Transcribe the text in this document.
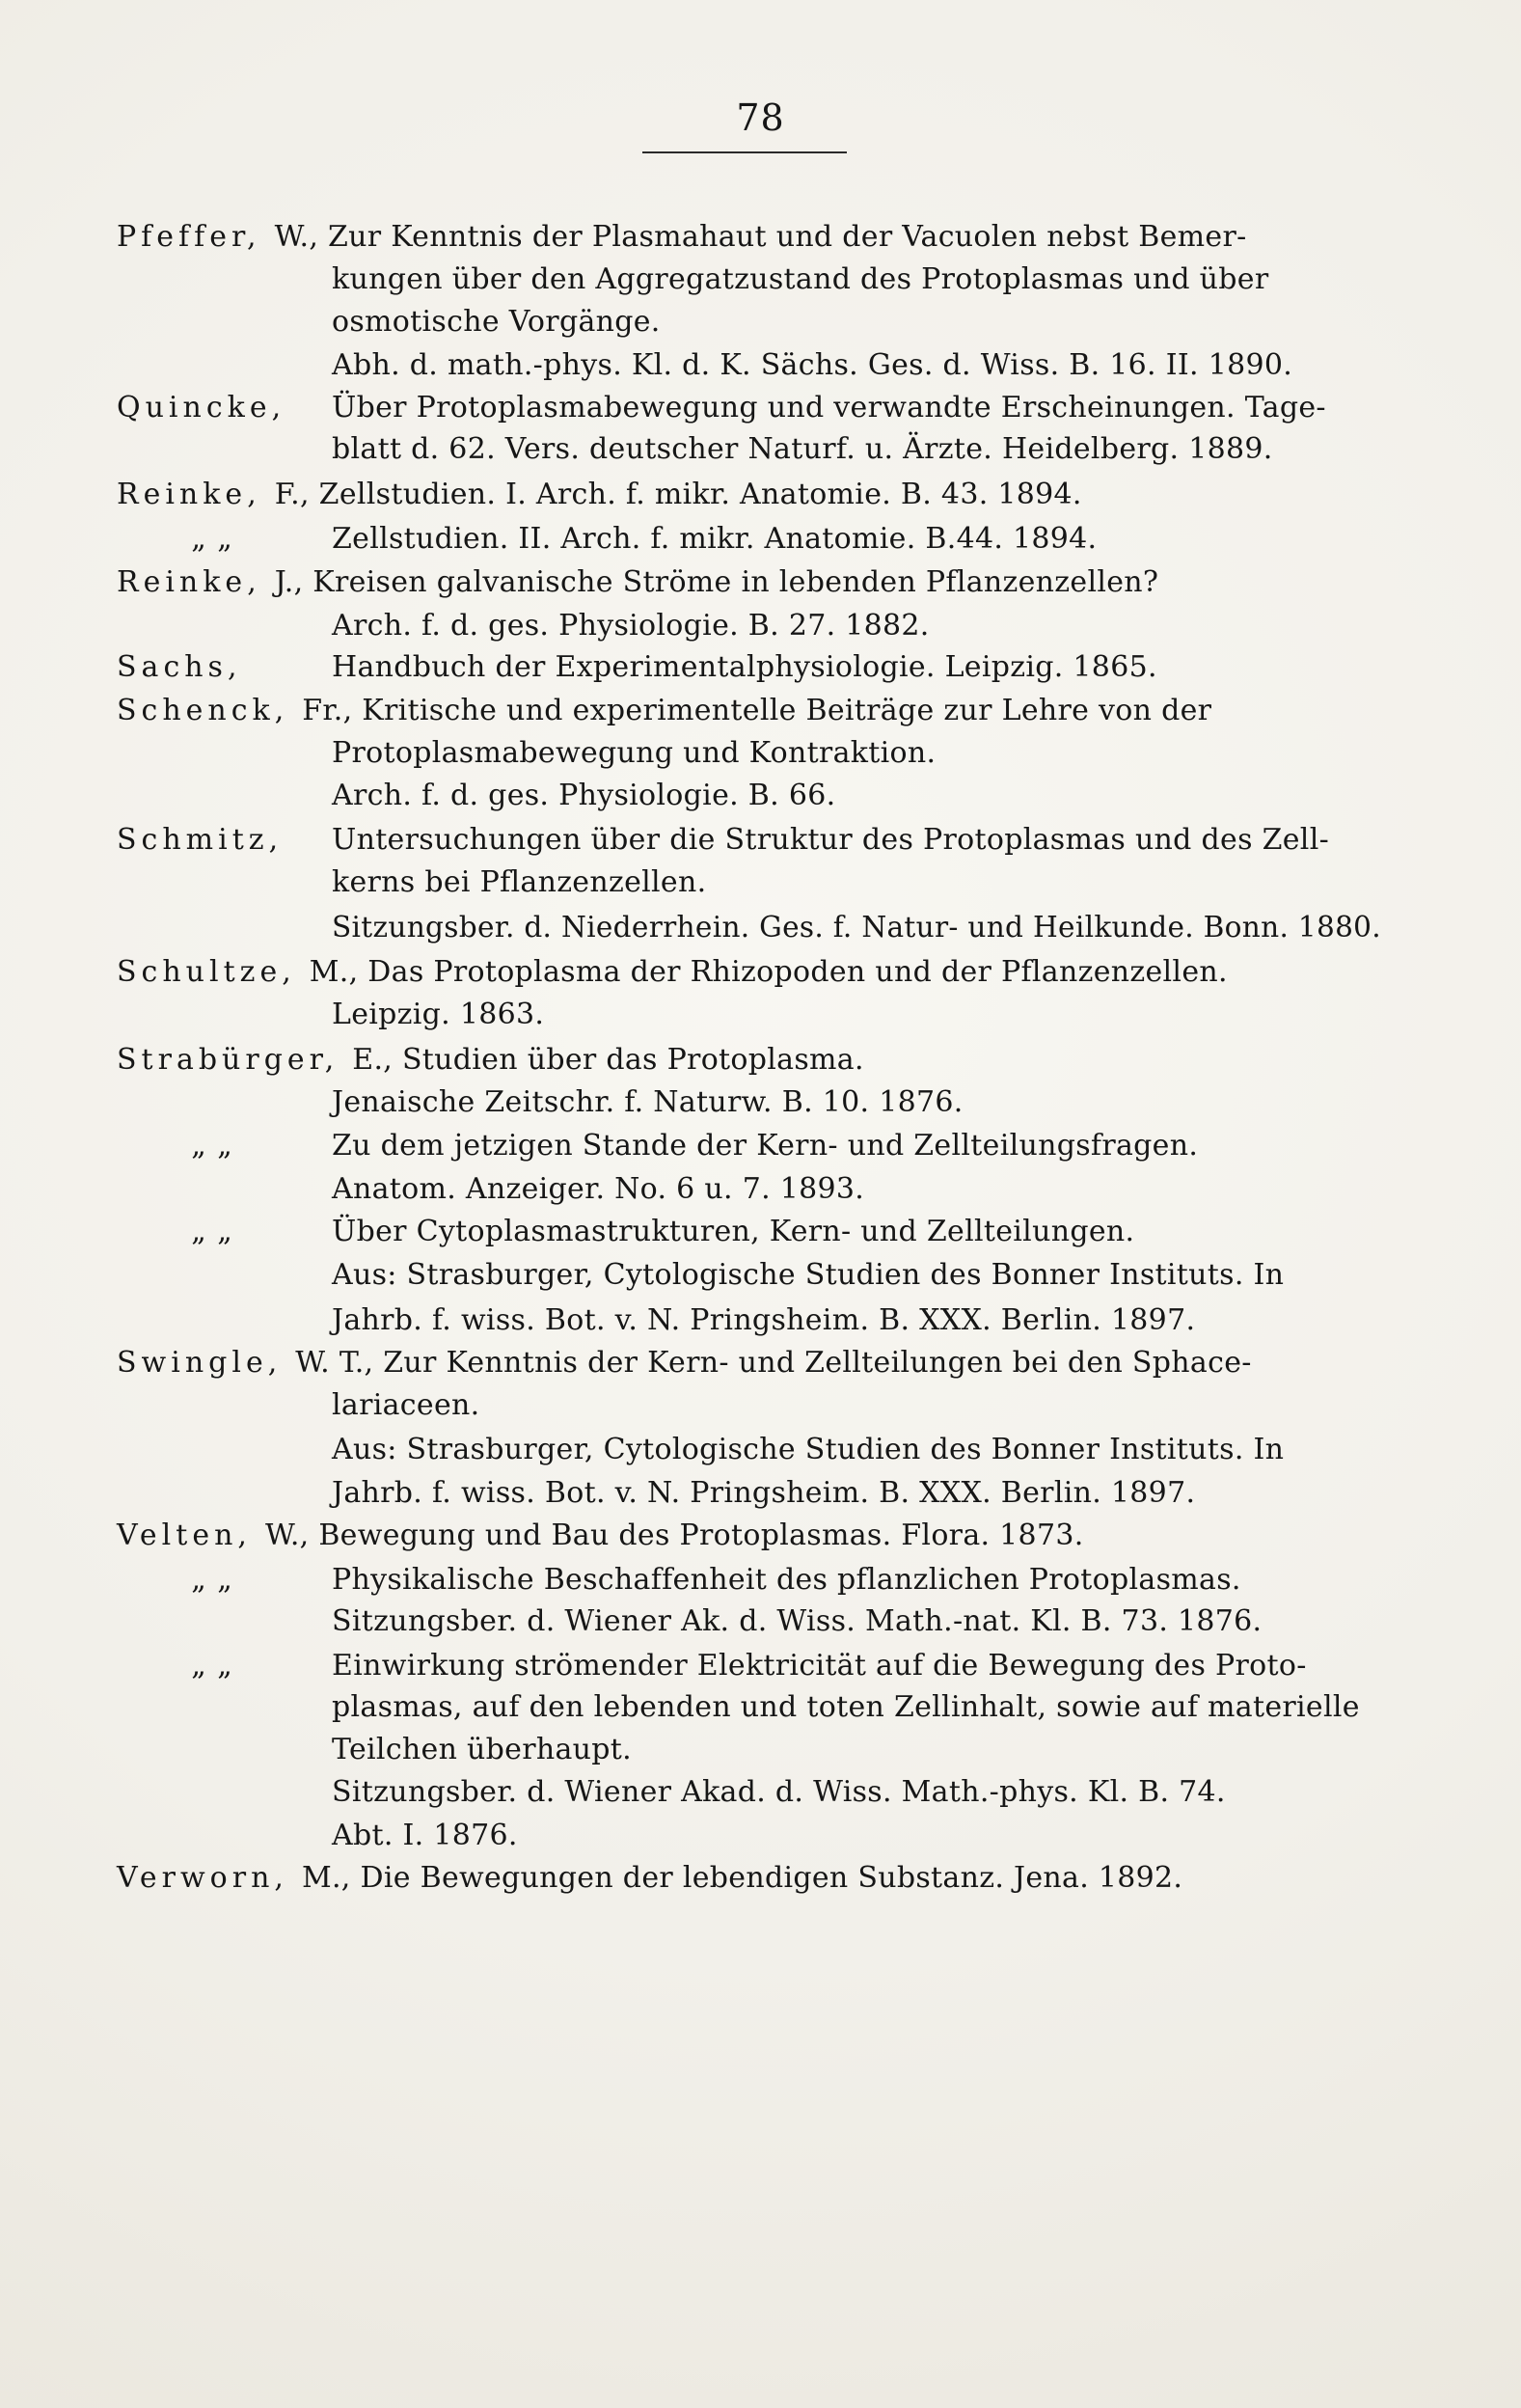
78
Pfeffer, W., Zur Kenntnis der Plasmahaut und der Vacuolen nebst Bemer-
kungen über den Aggregatzustand des Protoplasmas und über
osmotische Vorgänge.
Abh. d. math.-phys. Kl. d. K. Sächs. Ges. d. Wiss. B. 16. II. 1890.
Quincke, Über Protoplasmabewegung und verwandte Erscheinungen. Tage-
blatt d. 62. Vers. deutscher Naturf. u. Ärzte. Heidelberg. 1889.
Reinke, F., Zellstudien. I. Arch. f. mikr. Anatomie. B. 43. 1894.
„ „	Zellstudien. II. Arch. f. mikr. Anatomie. B.44. 1894.
Reinke, J., Kreisen galvanische Ströme in lebenden Pflanzenzellen?
Arch. f. d. ges. Physiologie. B. 27. 1882.
Sachs,	Handbuch der Experimentalphysiologie. Leipzig. 1865.
Schenck, Fr., Kritische und experimentelle Beiträge zur Lehre von der
Protoplasmabewegung und Kontraktion.
Arch. f. d. ges. Physiologie. B. 66.
Schmitz, Untersuchungen über die Struktur des Protoplasmas und des Zell-
kerns bei Pflanzenzellen.
Sitzungsber. d. Niederrhein. Ges. f. Natur- und Heilkunde. Bonn. 1880.
Schultze, M., Das Protoplasma der Rhizopoden und der Pflanzenzellen.
Leipzig. 1863.
Strabürger, E., Studien über das Protoplasma.
Jenaische Zeitschr. f. Naturw. B. 10. 1876.
„ „	Zu dem jetzigen Stande der Kern- und Zellteilungsfragen.
Anatom. Anzeiger. No. 6 u. 7. 1893.
„ „	Über Cytoplasmastrukturen, Kern- und Zellteilungen.
Aus: Strasburger, Cytologische Studien des Bonner Instituts. In
Jahrb. f. wiss. Bot. v. N. Pringsheim. B. XXX. Berlin. 1897.
Swingle, W. T., Zur Kenntnis der Kern- und Zellteilungen bei den Sphace-
lariaceen.
Aus: Strasburger, Cytologische Studien des Bonner Instituts. In
Jahrb. f. wiss. Bot. v. N. Pringsheim. B. XXX. Berlin. 1897.
Velten, W., Bewegung und Bau des Protoplasmas. Flora. 1873.
„ „	Physikalische Beschaffenheit des pflanzlichen Protoplasmas.
Sitzungsber. d. Wiener Ak. d. Wiss. Math.-nat. Kl. B. 73. 1876.
„ „	Einwirkung strömender Elektricität auf die Bewegung des Proto-
plasmas, auf den lebenden und toten Zellinhalt, sowie auf materielle
Teilchen überhaupt.
Sitzungsber. d. Wiener Akad. d. Wiss. Math.-phys. Kl. B. 74.
Abt. I. 1876.
Verworn, M., Die Bewegungen der lebendigen Substanz. Jena. 1892.
